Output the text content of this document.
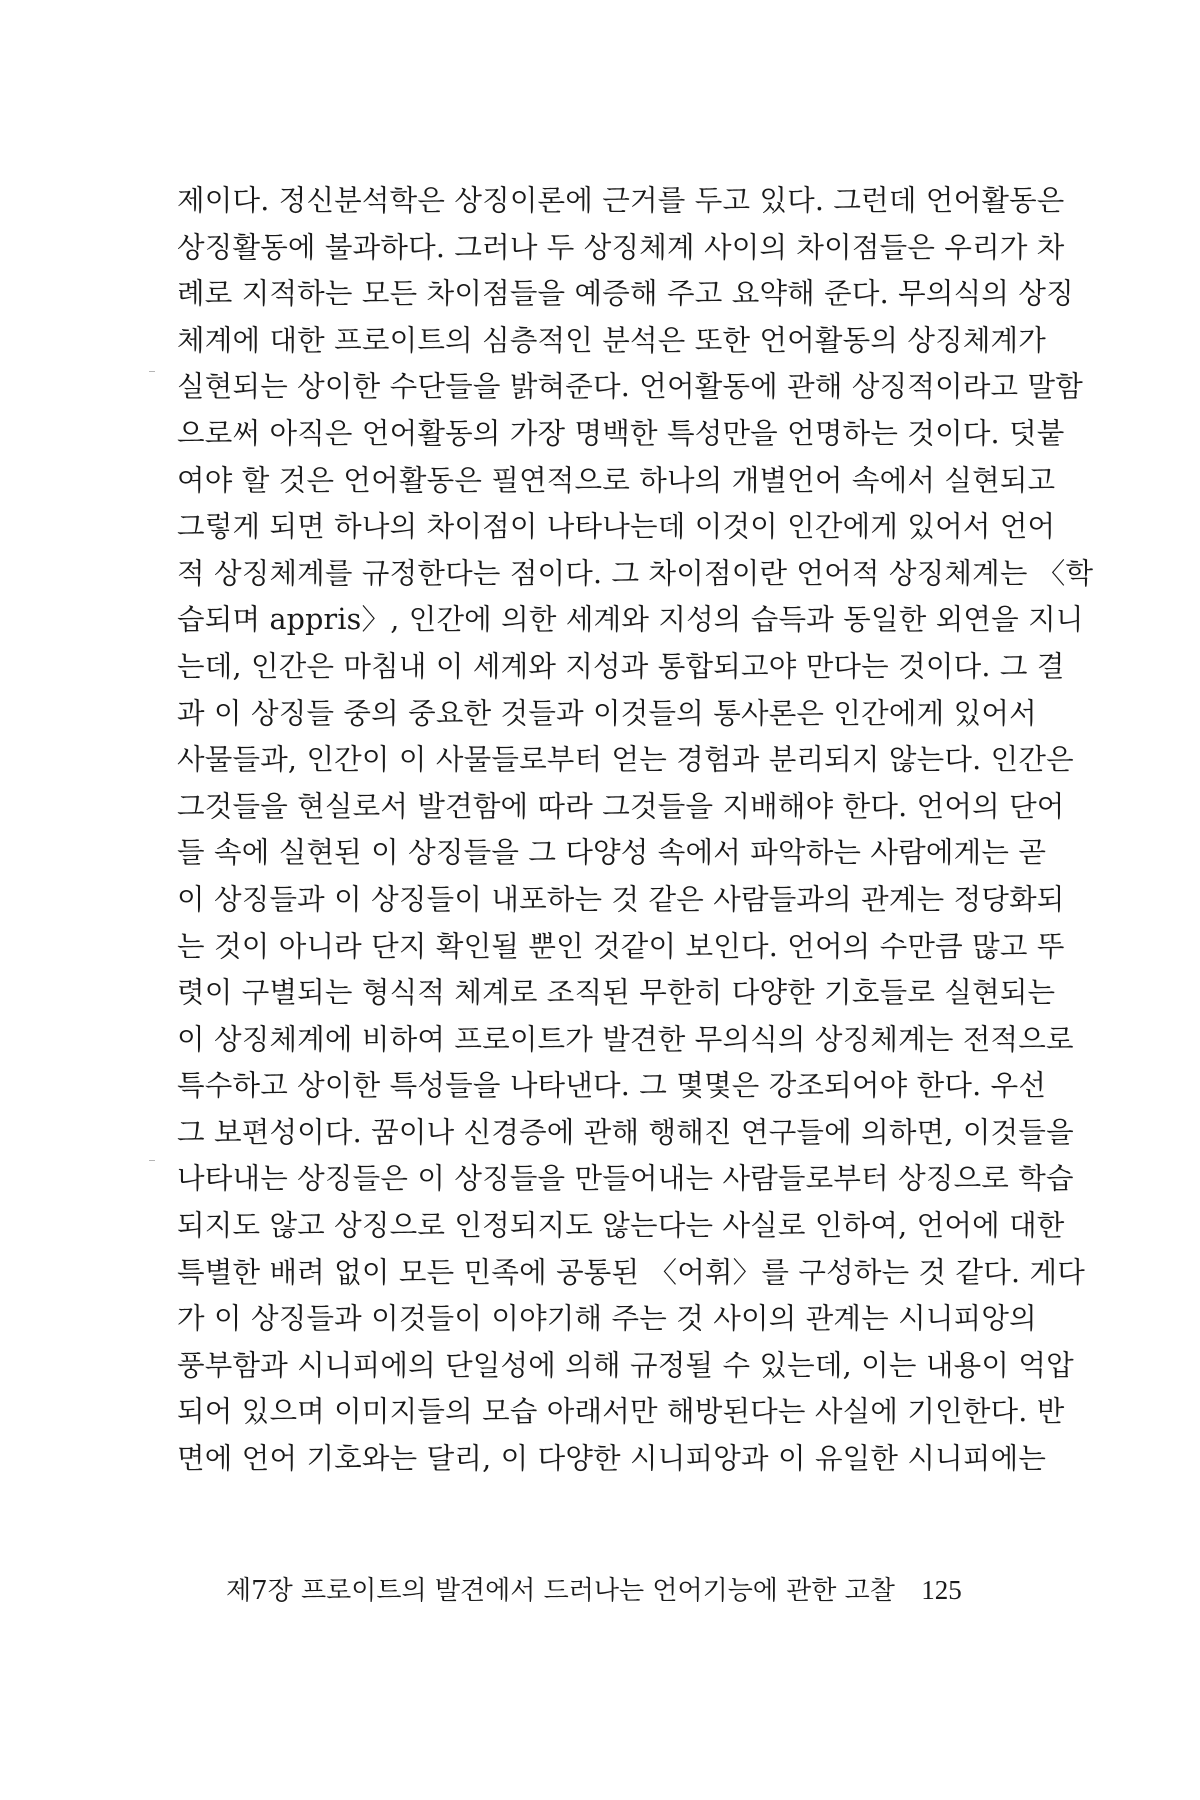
제이다. 정신분석학은 상징이론에 근거를 두고 있다. 그런데 언어활동은
상징활동에 불과하다. 그러나 두 상징체계 사이의 차이점들은 우리가 차
례로 지적하는 모든 차이점들을 예증해 주고 요약해 준다. 무의식의 상징
체계에 대한 프로이트의 심층적인 분석은 또한 언어활동의 상징체계가
실현되는 상이한 수단들을 밝혀준다. 언어활동에 관해 상징적이라고 말함
으로써 아직은 언어활동의 가장 명백한 특성만을 언명하는 것이다. 덧붙
여야 할 것은 언어활동은 필연적으로 하나의 개별언어 속에서 실현되고
그렇게 되면 하나의 차이점이 나타나는데 이것이 인간에게 있어서 언어
적 상징체계를 규정한다는 점이다. 그 차이점이란 언어적 상징체계는 〈학
습되며 appris〉, 인간에 의한 세계와 지성의 습득과 동일한 외연을 지니
는데, 인간은 마침내 이 세계와 지성과 통합되고야 만다는 것이다. 그 결
과 이 상징들 중의 중요한 것들과 이것들의 통사론은 인간에게 있어서
사물들과, 인간이 이 사물들로부터 얻는 경험과 분리되지 않는다. 인간은
그것들을 현실로서 발견함에 따라 그것들을 지배해야 한다. 언어의 단어
들 속에 실현된 이 상징들을 그 다양성 속에서 파악하는 사람에게는 곧
이 상징들과 이 상징들이 내포하는 것 같은 사람들과의 관계는 정당화되
는 것이 아니라 단지 확인될 뿐인 것같이 보인다. 언어의 수만큼 많고 뚜
렷이 구별되는 형식적 체계로 조직된 무한히 다양한 기호들로 실현되는
이 상징체계에 비하여 프로이트가 발견한 무의식의 상징체계는 전적으로
특수하고 상이한 특성들을 나타낸다. 그 몇몇은 강조되어야 한다. 우선
그 보편성이다. 꿈이나 신경증에 관해 행해진 연구들에 의하면, 이것들을
나타내는 상징들은 이 상징들을 만들어내는 사람들로부터 상징으로 학습
되지도 않고 상징으로 인정되지도 않는다는 사실로 인하여, 언어에 대한
특별한 배려 없이 모든 민족에 공통된 〈어휘〉를 구성하는 것 같다. 게다
가 이 상징들과 이것들이 이야기해 주는 것 사이의 관계는 시니피앙의
풍부함과 시니피에의 단일성에 의해 규정될 수 있는데, 이는 내용이 억압
되어 있으며 이미지들의 모습 아래서만 해방된다는 사실에 기인한다. 반
면에 언어 기호와는 달리, 이 다양한 시니피앙과 이 유일한 시니피에는
제7장 프로이트의 발견에서 드러나는 언어기능에 관한 고찰 125
